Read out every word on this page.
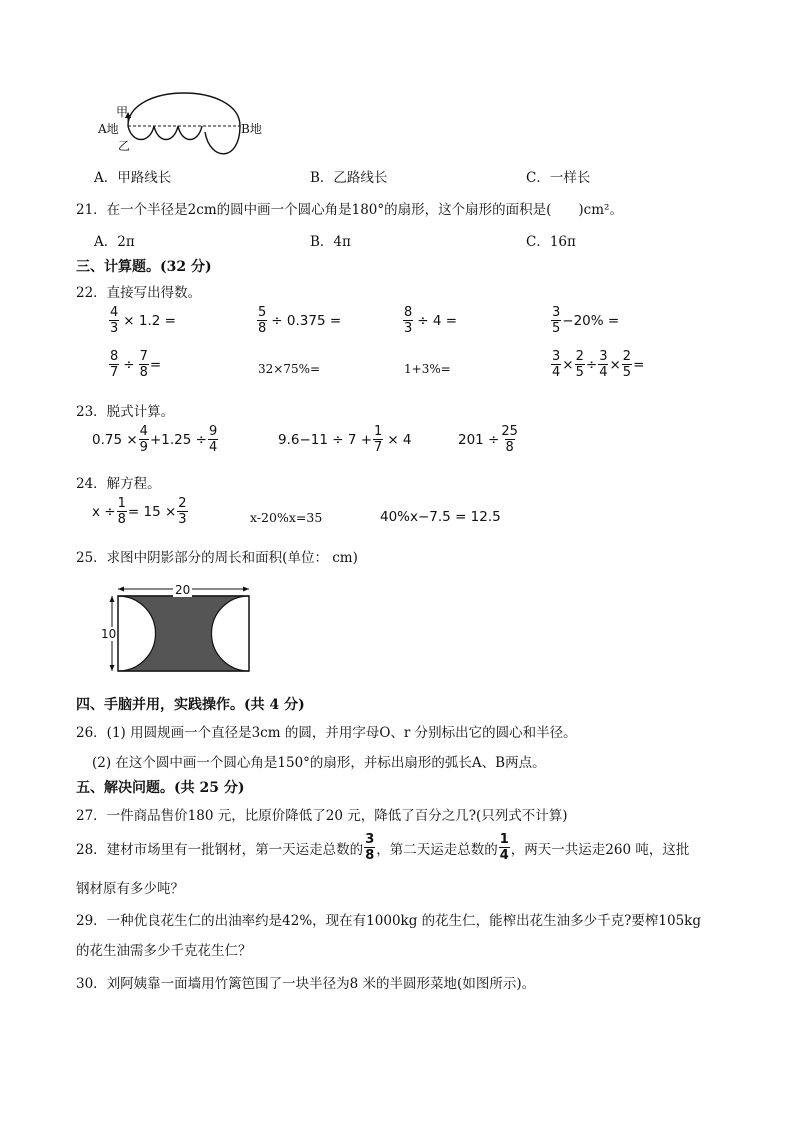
甲
A地
乙
B地
A．甲路线长	B．乙路线长	C．一样长
21．在一个半径是2cm的圆中画一个圆心角是180°的扇形，这个扇形的面积是(　　)cm²。
A．2π	B．4π	C．16π
三、计算题。(32 分)
22．直接写出得数。
$\frac{4}{3} \times 1.2$ =	$\frac{5}{8} \div 0.375$ =	$\frac{8}{3} \div 4$ =	$\frac{3}{5} -20\%$ =
$\frac{8}{7} \div \frac{7}{8}$ =	32×75%=	1+3%=	$\frac{3}{4} \times \frac{2}{5} \div \frac{3}{4} \times \frac{2}{5}$ =
23．脱式计算。
$0.75 \times \frac{4}{9} +1.25 \div \frac{9}{4}$	$9.6-11 \div 7 + \frac{1}{7} \times 4$	$201 \div \frac{25}{8}$
24．解方程。
$x \div \frac{1}{8} = 15 \times \frac{2}{3}$	x-20%x=35	40%x−7.5 = 12.5
25．求图中阴影部分的周长和面积(单位： cm)
20
10
四、手脑并用，实践操作。(共 4 分)
26．(1) 用圆规画一个直径是3cm 的圆，并用字母O、r 分别标出它的圆心和半径。
(2) 在这个圆中画一个圆心角是150°的扇形，并标出扇形的弧长A、B两点。
五、解决问题。(共 25 分)
27．一件商品售价180 元，比原价降低了20 元，降低了百分之几?(只列式不计算)
28．建材市场里有一批钢材，第一天运走总数的 $\frac{3}{8}$ ，第二天运走总数的 $\frac{1}{4}$ ，两天一共运走260 吨，这批
钢材原有多少吨？
29．一种优良花生仁的出油率约是42%，现在有1000kg 的花生仁，能榨出花生油多少千克?要榨105kg
的花生油需多少千克花生仁？
30．刘阿姨靠一面墙用竹篱笆围了一块半径为8 米的半圆形菜地(如图所示)。
